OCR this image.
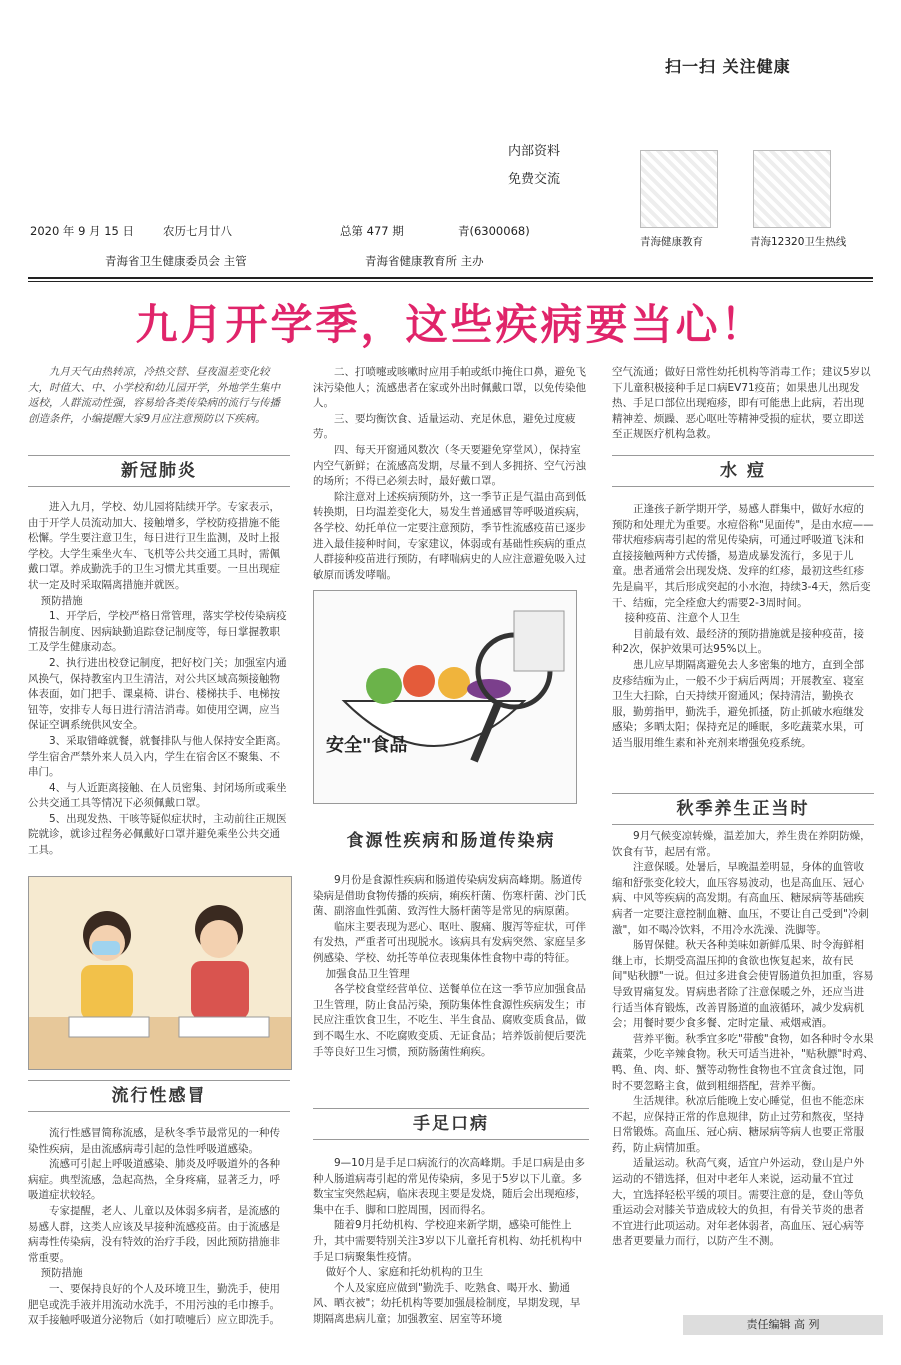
扫一扫 关注健康
内部资料
免费交流
2020 年 9 月 15 日	农历七月廿八	总第 477 期	青(6300068)
青海健康教育	青海12320卫生热线
青海省卫生健康委员会 主管	青海省健康教育所 主办
九月开学季，这些疾病要当心！

九月天气由热转凉，冷热交替、昼夜温差变化较大，时值大、中、小学校和幼儿园开学，外地学生集中返校，人群流动性强，容易给各类传染病的流行与传播创造条件，小编提醒大家9月应注意预防以下疾病。

新冠肺炎

进入九月，学校、幼儿园将陆续开学。专家表示，由于开学人员流动加大、接触增多，学校防疫措施不能松懈。学生要注意卫生，每日进行卫生监测，及时上报学校。大学生乘坐火车、飞机等公共交通工具时，需佩戴口罩。养成勤洗手的卫生习惯尤其重要。一旦出现症状一定及时采取隔离措施并就医。

预防措施

1、开学后，学校严格日常管理，落实学校传染病疫情报告制度、因病缺勤追踪登记制度等，每日掌握教职工及学生健康动态。

2、执行进出校登记制度，把好校门关；加强室内通风换气，保持教室内卫生清洁，对公共区域高频接触物体表面，如门把手、课桌椅、讲台、楼梯扶手、电梯按钮等，安排专人每日进行清洁消毒。如使用空调，应当保证空调系统供风安全。

3、采取错峰就餐，就餐排队与他人保持安全距离。学生宿舍严禁外来人员入内，学生在宿舍区不聚集、不串门。

4、与人近距离接触、在人员密集、封闭场所或乘坐公共交通工具等情况下必须佩戴口罩。

5、出现发热、干咳等疑似症状时，主动前往正规医院就诊，就诊过程务必佩戴好口罩并避免乘坐公共交通工具。

流行性感冒

流行性感冒简称流感，是秋冬季节最常见的一种传染性疾病，是由流感病毒引起的急性呼吸道感染。

流感可引起上呼吸道感染、肺炎及呼吸道外的各种病症。典型流感，急起高热，全身疼痛，显著乏力，呼吸道症状较轻。

专家提醒，老人、儿童以及体弱多病者，是流感的易感人群，这类人应该及早接种流感疫苗。由于流感是病毒性传染病，没有特效的治疗手段，因此预防措施非常重要。

预防措施

一、要保持良好的个人及环境卫生，勤洗手，使用肥皂或洗手液并用流动水洗手，不用污浊的毛巾擦手。双手接触呼吸道分泌物后（如打喷嚏后）应立即洗手。

二、打喷嚏或咳嗽时应用手帕或纸巾掩住口鼻，避免飞沫污染他人；流感患者在家或外出时佩戴口罩，以免传染他人。

三、要均衡饮食、适量运动、充足休息，避免过度疲劳。

四、每天开窗通风数次（冬天要避免穿堂风），保持室内空气新鲜；在流感高发期，尽量不到人多拥挤、空气污浊的场所；不得已必须去时，最好戴口罩。

除注意对上述疾病预防外，这一季节正是气温由高到低转换期，日均温差变化大，易发生普通感冒等呼吸道疾病，各学校、幼托单位一定要注意预防，季节性流感疫苗已逐步进入最佳接种时间，专家建议，体弱或有基础性疾病的重点人群接种疫苗进行预防，有哮喘病史的人应注意避免吸入过敏原而诱发哮喘。

安全"食品
食源性疾病和肠道传染病

9月份是食源性疾病和肠道传染病发病高峰期。肠道传染病是借助食物传播的疾病，痢疾杆菌、伤寒杆菌、沙门氏菌、副溶血性弧菌、致泻性大肠杆菌等是常见的病原菌。

临床主要表现为恶心、呕吐、腹痛、腹泻等症状，可伴有发热，严重者可出现脱水。该病具有发病突然、家庭呈多例感染、学校、幼托等单位表现集体性食物中毒的特征。

加强食品卫生管理

各学校食堂经营单位、送餐单位在这一季节应加强食品卫生管理，防止食品污染，预防集体性食源性疾病发生；市民应注重饮食卫生，不吃生、半生食品、腐败变质食品，做到不喝生水、不吃腐败变质、无证食品；培养饭前便后要洗手等良好卫生习惯，预防肠菌性痢疾。

手足口病

9—10月是手足口病流行的次高峰期。手足口病是由多种人肠道病毒引起的常见传染病，多见于5岁以下儿童。多数宝宝突然起病，临床表现主要是发烧，随后会出现疱疹，集中在手、脚和口腔周围，因而得名。

随着9月托幼机构、学校迎来新学期，感染可能性上升，其中需要特别关注3岁以下儿童托育机构、幼托机构中手足口病聚集性疫情。

做好个人、家庭和托幼机构的卫生

个人及家庭应做到"勤洗手、吃熟食、喝开水、勤通风、晒衣被"；幼托机构等要加强晨检制度，早期发现，早期隔离患病儿童；加强教室、居室等环境

空气流通；做好日常性幼托机构等消毒工作；建议5岁以下儿童积极接种手足口病EV71疫苗；如果患儿出现发热、手足口部位出现疱疹，即有可能患上此病，若出现精神差、烦躁、恶心呕吐等精神受损的症状，要立即送至正规医疗机构急救。

水 痘

正逢孩子新学期开学，易感人群集中，做好水痘的预防和处理尤为重要。水痘俗称"见面传"，是由水痘——带状疱疹病毒引起的常见传染病，可通过呼吸道飞沫和直接接触两种方式传播，易造成暴发流行，多见于儿童。患者通常会出现发烧、发痒的红疹，最初这些红疹先是扁平，其后形成突起的小水泡，持续3-4天，然后变干、结痂，完全痊愈大约需要2-3周时间。

接种疫苗、注意个人卫生

目前最有效、最经济的预防措施就是接种疫苗，接种2次，保护效果可达95%以上。

患儿应早期隔离避免去人多密集的地方，直到全部皮疹结痂为止，一般不少于病后两周；开展教室、寝室卫生大扫除，白天持续开窗通风；保持清洁，勤换衣服，勤剪指甲，勤洗手，避免抓搔，防止抓破水疱继发感染；多晒太阳；保持充足的睡眠，多吃蔬菜水果，可适当服用维生素和补充剂来增强免疫系统。

秋季养生正当时

9月气候变凉转燥，温差加大，养生贵在养阴防燥，饮食有节，起居有常。

注意保暖。处暑后，早晚温差明显，身体的血管收缩和舒张变化较大，血压容易波动，也是高血压、冠心病、中风等疾病的高发期。有高血压、糖尿病等基础疾病者一定要注意控制血糖、血压，不要让自己受到"冷刺激"，如不喝冷饮料，不用冷水洗澡、洗脚等。

肠胃保健。秋天各种美味如新鲜瓜果、时令海鲜相继上市，长期受高温压抑的食欲也恢复起来，故有民间"贴秋膘"一说。但过多进食会使胃肠道负担加重，容易导致胃痛复发。胃病患者除了注意保暖之外，还应当进行适当体育锻炼，改善胃肠道的血液循环，减少发病机会；用餐时要少食多餐、定时定量、戒烟戒酒。

营养平衡。秋季宜多吃"带酸"食物，如各种时令水果蔬菜，少吃辛辣食物。秋天可适当进补，"贴秋膘"时鸡、鸭、鱼、肉、虾、蟹等动物性食物也不宜贪食过饱，同时不要忽略主食，做到粗细搭配，营养平衡。

生活规律。秋凉后能晚上安心睡觉，但也不能恋床不起，应保持正常的作息规律，防止过劳和熬夜，坚持日常锻炼。高血压、冠心病、糖尿病等病人也要正常服药，防止病情加重。

适量运动。秋高气爽，适宜户外运动，登山是户外运动的不错选择，但对中老年人来说，运动量不宜过大，宜选择轻松平缓的项目。需要注意的是，登山等负重运动会对膝关节造成较大的负担，有骨关节炎的患者不宜进行此项运动。对年老体弱者，高血压、冠心病等患者更要量力而行，以防产生不测。

责任编辑 高 列
